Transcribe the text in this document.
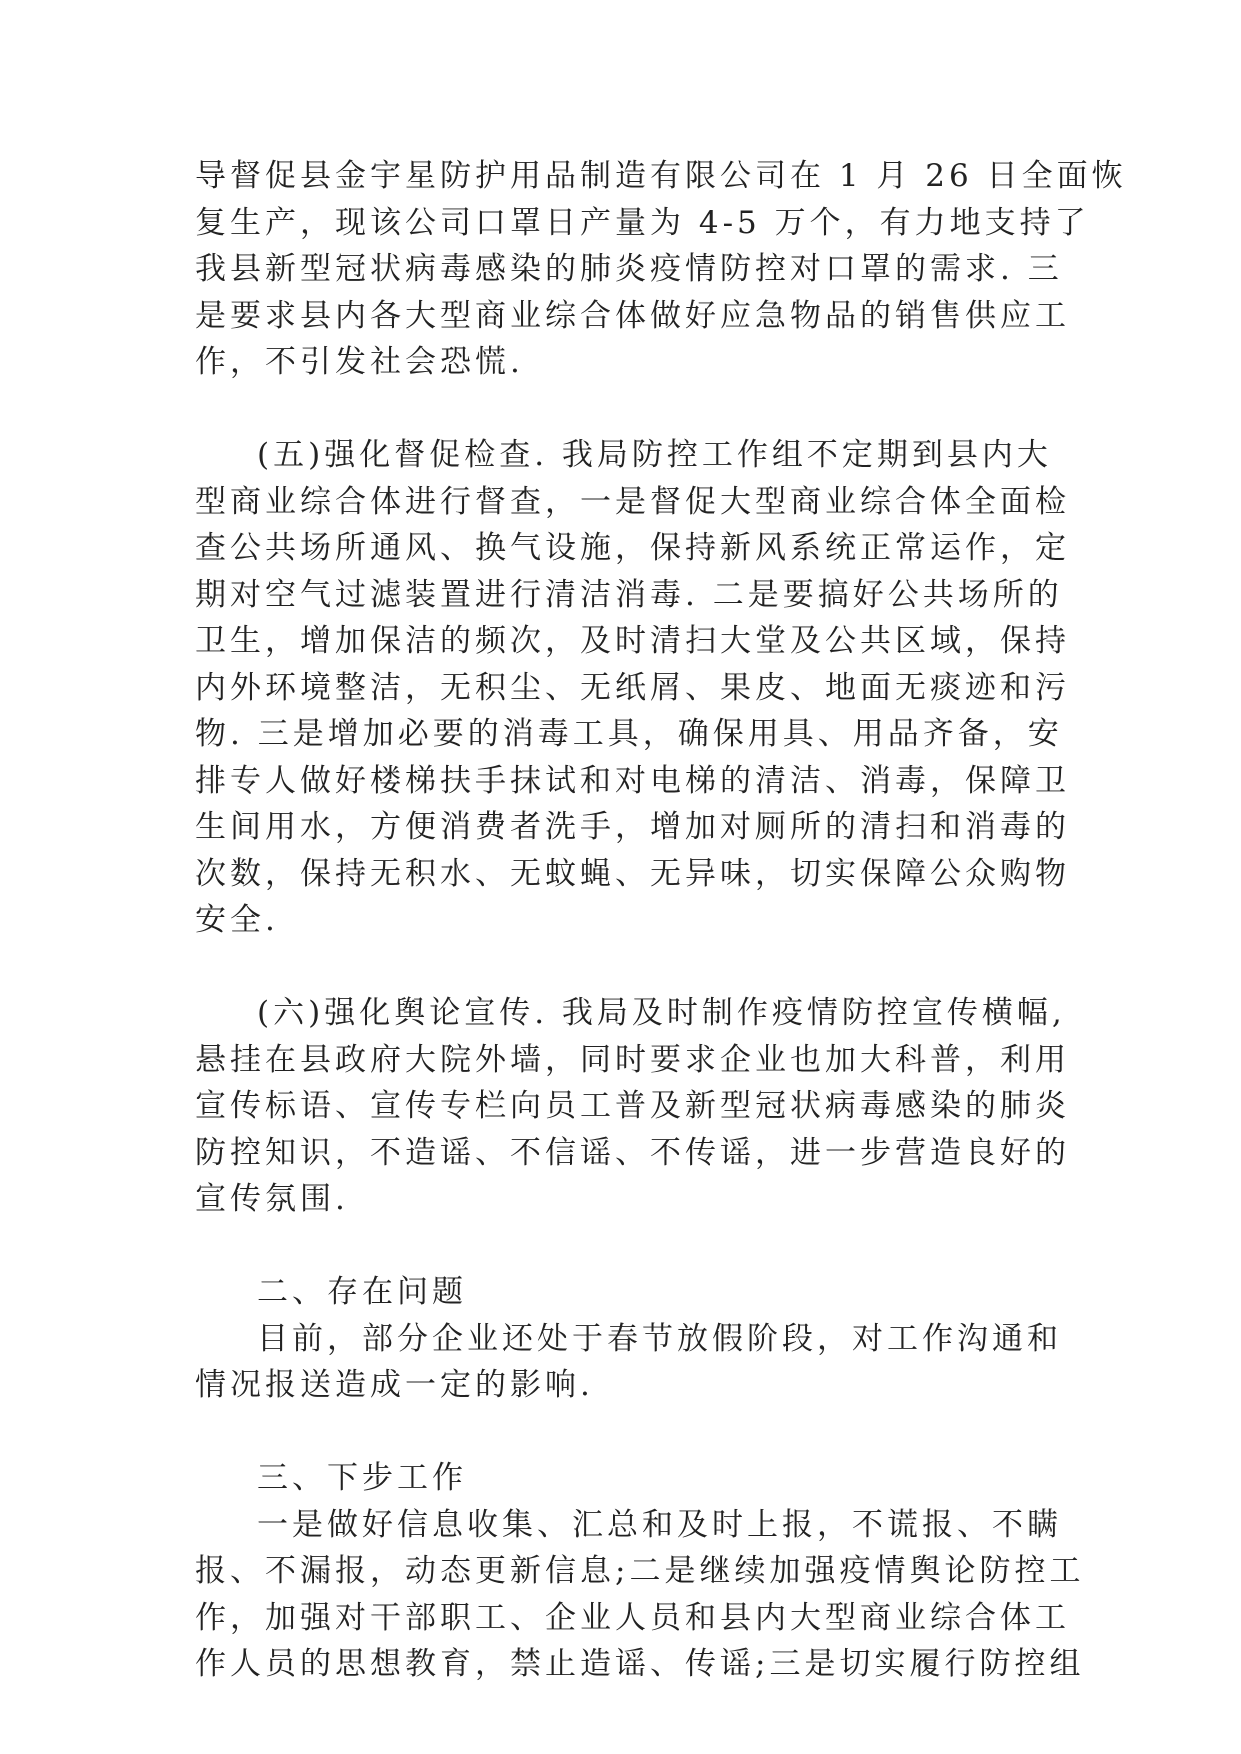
导督促县金宇星防护用品制造有限公司在 1 月 26 日全面恢
复生产，现该公司口罩日产量为 4-5 万个，有力地支持了
我县新型冠状病毒感染的肺炎疫情防控对口罩的需求. 三
是要求县内各大型商业综合体做好应急物品的销售供应工
作，不引发社会恐慌.
(五)强化督促检查. 我局防控工作组不定期到县内大
型商业综合体进行督查，一是督促大型商业综合体全面检
查公共场所通风、换气设施，保持新风系统正常运作，定
期对空气过滤装置进行清洁消毒. 二是要搞好公共场所的
卫生，增加保洁的频次，及时清扫大堂及公共区域，保持
内外环境整洁，无积尘、无纸屑、果皮、地面无痰迹和污
物. 三是增加必要的消毒工具，确保用具、用品齐备，安
排专人做好楼梯扶手抹试和对电梯的清洁、消毒，保障卫
生间用水，方便消费者洗手，增加对厕所的清扫和消毒的
次数，保持无积水、无蚊蝇、无异味，切实保障公众购物
安全.
(六)强化舆论宣传. 我局及时制作疫情防控宣传横幅,
悬挂在县政府大院外墙，同时要求企业也加大科普，利用
宣传标语、宣传专栏向员工普及新型冠状病毒感染的肺炎
防控知识，不造谣、不信谣、不传谣，进一步营造良好的
宣传氛围.
二、存在问题
目前，部分企业还处于春节放假阶段，对工作沟通和
情况报送造成一定的影响.
三、下步工作
一是做好信息收集、汇总和及时上报，不谎报、不瞒
报、不漏报，动态更新信息;二是继续加强疫情舆论防控工
作，加强对干部职工、企业人员和县内大型商业综合体工
作人员的思想教育，禁止造谣、传谣;三是切实履行防控组
